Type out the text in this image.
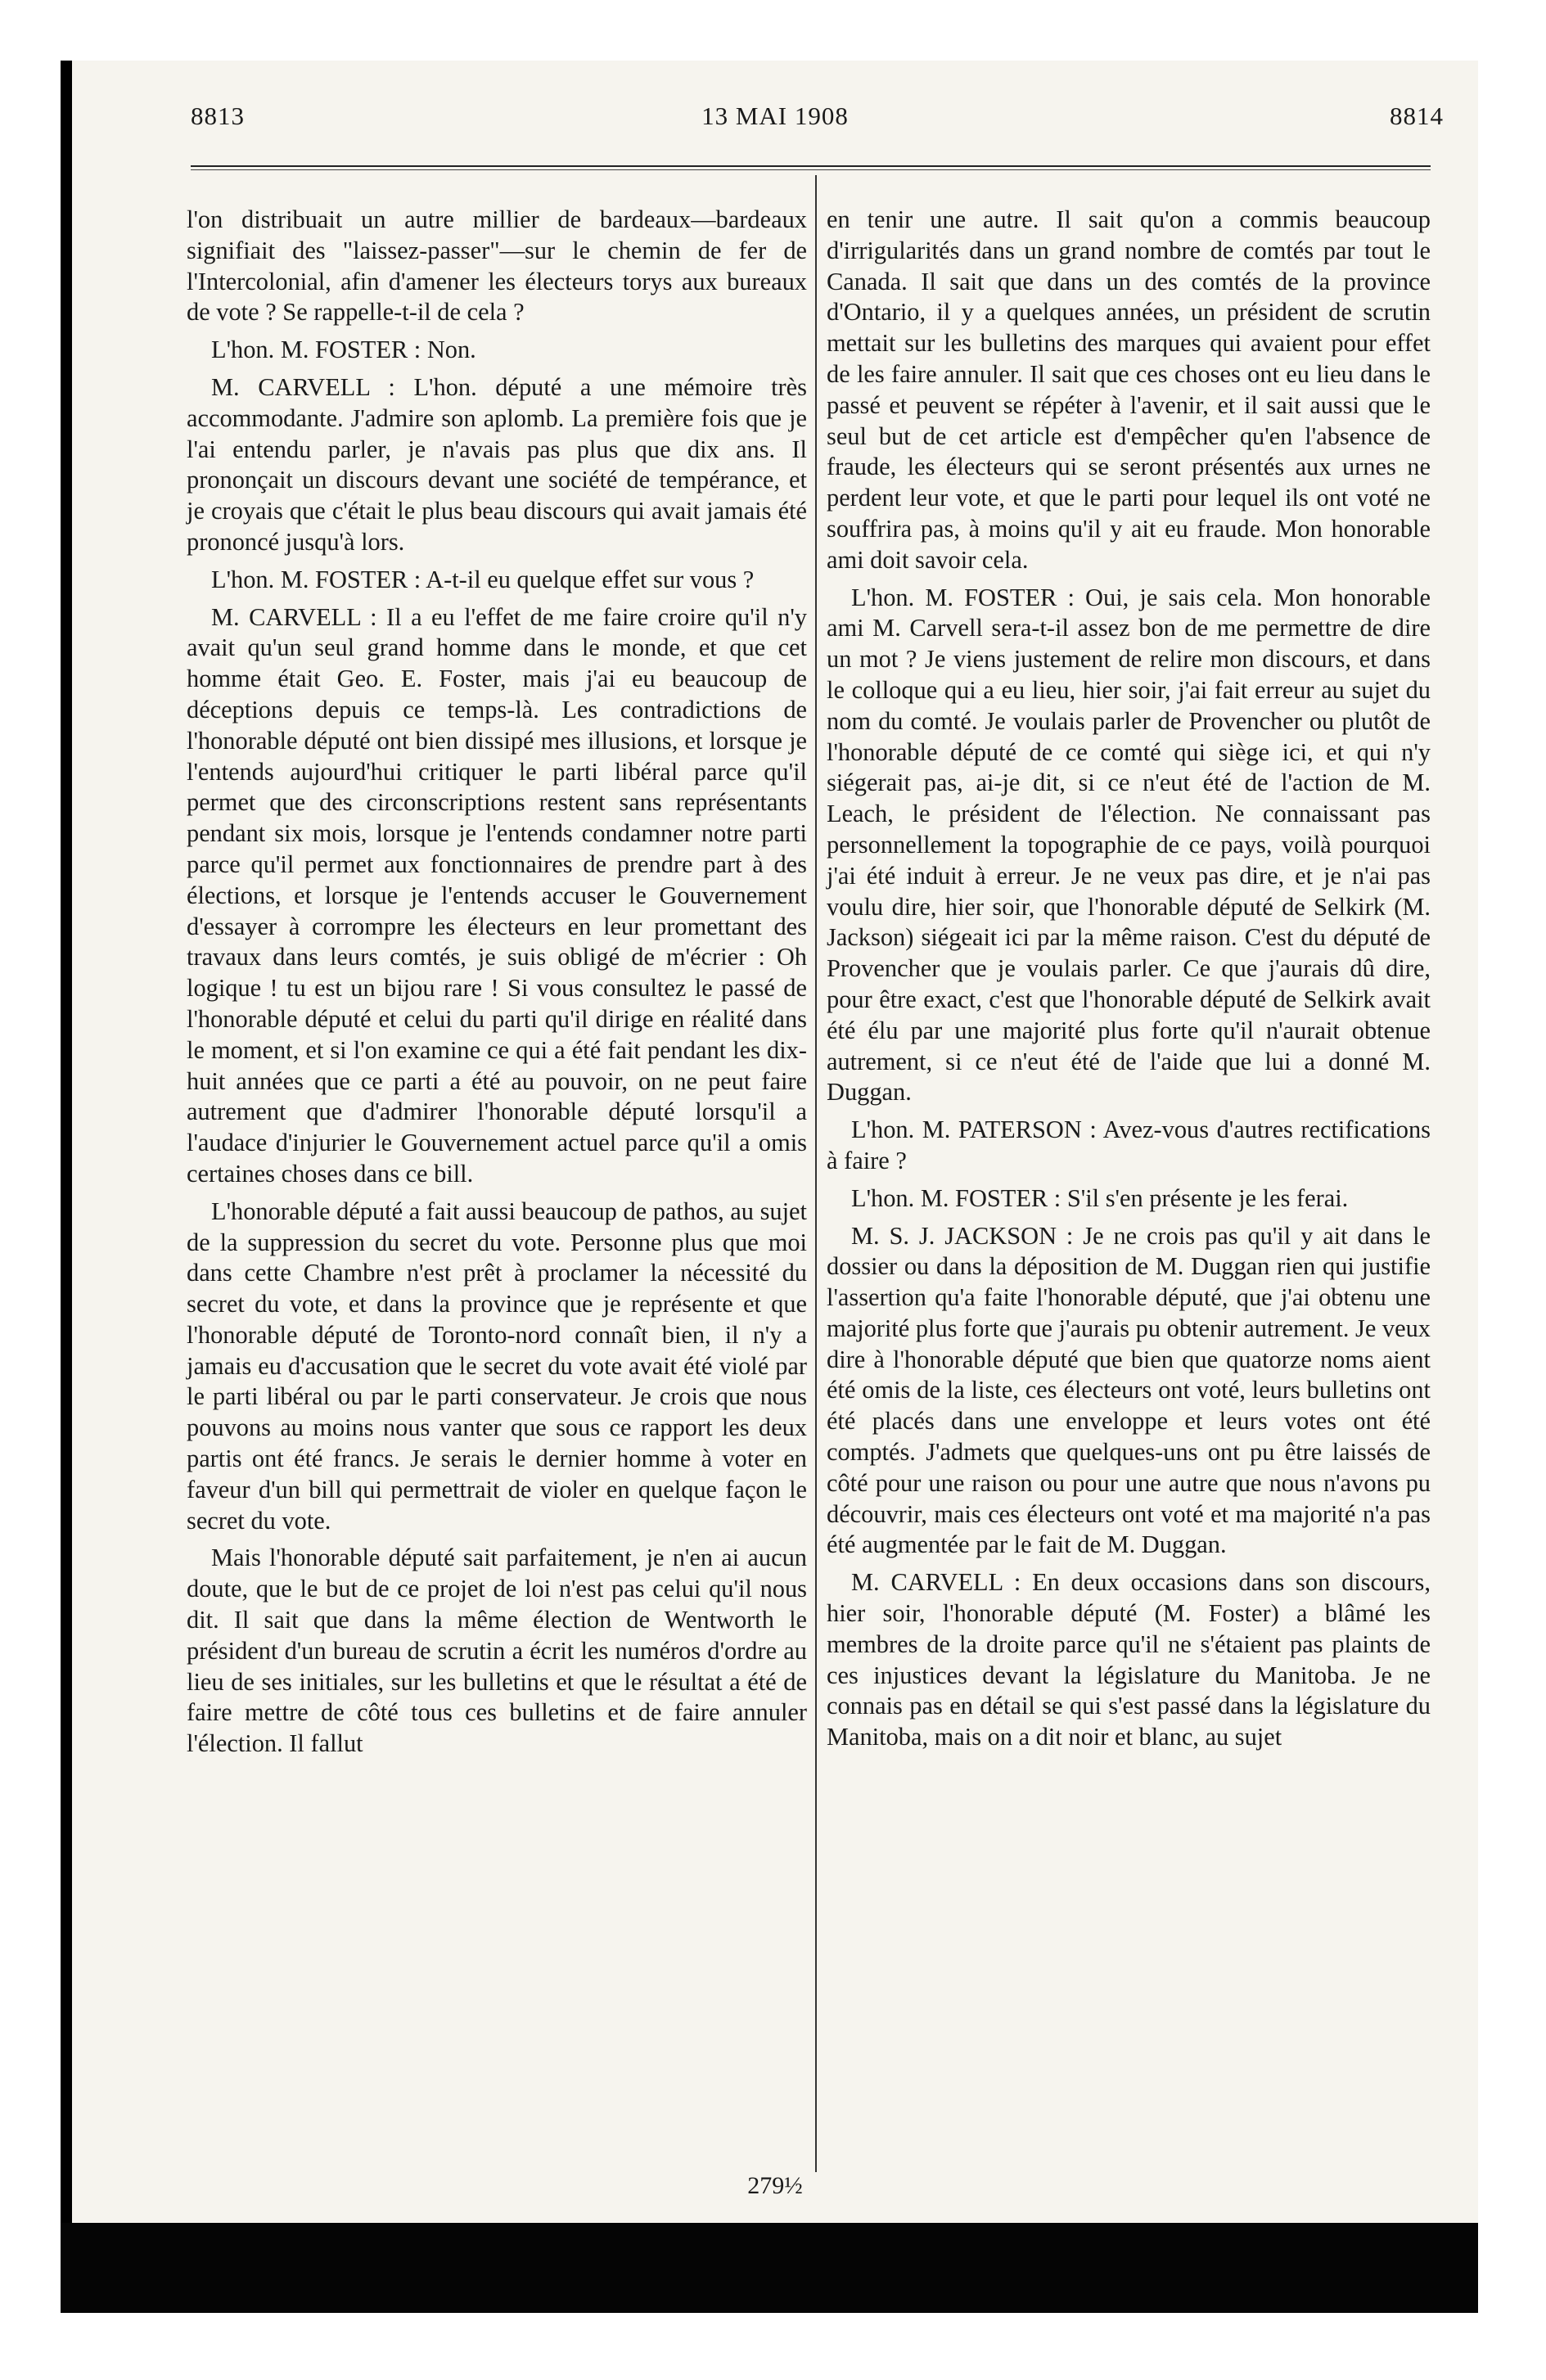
8813	13 MAI 1908	8814

l'on distribuait un autre millier de bardeaux—bardeaux signifiait des "laissez-passer"—sur le chemin de fer de l'Intercolonial, afin d'amener les électeurs torys aux bureaux de vote ? Se rappelle-t-il de cela ?

L'hon. M. FOSTER : Non.

M. CARVELL : L'hon. député a une mémoire très accommodante. J'admire son aplomb. La première fois que je l'ai entendu parler, je n'avais pas plus que dix ans. Il prononçait un discours devant une société de tempérance, et je croyais que c'était le plus beau discours qui avait jamais été prononcé jusqu'à lors.

L'hon. M. FOSTER : A-t-il eu quelque effet sur vous ?

M. CARVELL : Il a eu l'effet de me faire croire qu'il n'y avait qu'un seul grand homme dans le monde, et que cet homme était Geo. E. Foster, mais j'ai eu beaucoup de déceptions depuis ce temps-là. Les contradictions de l'honorable député ont bien dissipé mes illusions, et lorsque je l'entends aujourd'hui critiquer le parti libéral parce qu'il permet que des circonscriptions restent sans représentants pendant six mois, lorsque je l'entends condamner notre parti parce qu'il permet aux fonctionnaires de prendre part à des élections, et lorsque je l'entends accuser le Gouvernement d'essayer à corrompre les électeurs en leur promettant des travaux dans leurs comtés, je suis obligé de m'écrier : Oh logique ! tu est un bijou rare ! Si vous consultez le passé de l'honorable député et celui du parti qu'il dirige en réalité dans le moment, et si l'on examine ce qui a été fait pendant les dix-huit années que ce parti a été au pouvoir, on ne peut faire autrement que d'admirer l'honorable député lorsqu'il a l'audace d'injurier le Gouvernement actuel parce qu'il a omis certaines choses dans ce bill.

L'honorable député a fait aussi beaucoup de pathos, au sujet de la suppression du secret du vote. Personne plus que moi dans cette Chambre n'est prêt à proclamer la nécessité du secret du vote, et dans la province que je représente et que l'honorable député de Toronto-nord connaît bien, il n'y a jamais eu d'accusation que le secret du vote avait été violé par le parti libéral ou par le parti conservateur. Je crois que nous pouvons au moins nous vanter que sous ce rapport les deux partis ont été francs. Je serais le dernier homme à voter en faveur d'un bill qui permettrait de violer en quelque façon le secret du vote.

Mais l'honorable député sait parfaitement, je n'en ai aucun doute, que le but de ce projet de loi n'est pas celui qu'il nous dit. Il sait que dans la même élection de Wentworth le président d'un bureau de scrutin a écrit les numéros d'ordre au lieu de ses initiales, sur les bulletins et que le résultat a été de faire mettre de côté tous ces bulletins et de faire annuler l'élection. Il fallut

en tenir une autre. Il sait qu'on a commis beaucoup d'irrigularités dans un grand nombre de comtés par tout le Canada. Il sait que dans un des comtés de la province d'Ontario, il y a quelques années, un président de scrutin mettait sur les bulletins des marques qui avaient pour effet de les faire annuler. Il sait que ces choses ont eu lieu dans le passé et peuvent se répéter à l'avenir, et il sait aussi que le seul but de cet article est d'empêcher qu'en l'absence de fraude, les électeurs qui se seront présentés aux urnes ne perdent leur vote, et que le parti pour lequel ils ont voté ne souffrira pas, à moins qu'il y ait eu fraude. Mon honorable ami doit savoir cela.

L'hon. M. FOSTER : Oui, je sais cela. Mon honorable ami M. Carvell sera-t-il assez bon de me permettre de dire un mot ? Je viens justement de relire mon discours, et dans le colloque qui a eu lieu, hier soir, j'ai fait erreur au sujet du nom du comté. Je voulais parler de Provencher ou plutôt de l'honorable député de ce comté qui siège ici, et qui n'y siégerait pas, ai-je dit, si ce n'eut été de l'action de M. Leach, le président de l'élection. Ne connaissant pas personnellement la topographie de ce pays, voilà pourquoi j'ai été induit à erreur. Je ne veux pas dire, et je n'ai pas voulu dire, hier soir, que l'honorable député de Selkirk (M. Jackson) siégeait ici par la même raison. C'est du député de Provencher que je voulais parler. Ce que j'aurais dû dire, pour être exact, c'est que l'honorable député de Selkirk avait été élu par une majorité plus forte qu'il n'aurait obtenue autrement, si ce n'eut été de l'aide que lui a donné M. Duggan.

L'hon. M. PATERSON : Avez-vous d'autres rectifications à faire ?

L'hon. M. FOSTER : S'il s'en présente je les ferai.

M. S. J. JACKSON : Je ne crois pas qu'il y ait dans le dossier ou dans la déposition de M. Duggan rien qui justifie l'assertion qu'a faite l'honorable député, que j'ai obtenu une majorité plus forte que j'aurais pu obtenir autrement. Je veux dire à l'honorable député que bien que quatorze noms aient été omis de la liste, ces électeurs ont voté, leurs bulletins ont été placés dans une enveloppe et leurs votes ont été comptés. J'admets que quelques-uns ont pu être laissés de côté pour une raison ou pour une autre que nous n'avons pu découvrir, mais ces électeurs ont voté et ma majorité n'a pas été augmentée par le fait de M. Duggan.

M. CARVELL : En deux occasions dans son discours, hier soir, l'honorable député (M. Foster) a blâmé les membres de la droite parce qu'il ne s'étaient pas plaints de ces injustices devant la législature du Manitoba. Je ne connais pas en détail se qui s'est passé dans la législature du Manitoba, mais on a dit noir et blanc, au sujet

279½
